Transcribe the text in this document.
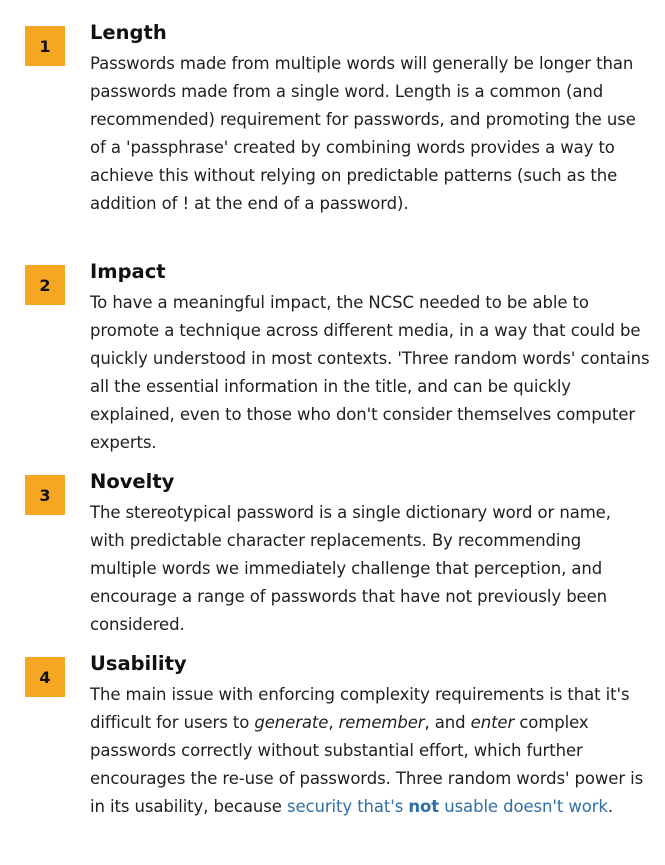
1
Length

Passwords made from multiple words will generally be longer than passwords made from a single word. Length is a common (and recommended) requirement for passwords, and promoting the use of a 'passphrase' created by combining words provides a way to achieve this without relying on predictable patterns (such as the addition of ! at the end of a password).

2
Impact

To have a meaningful impact, the NCSC needed to be able to promote a technique across different media, in a way that could be quickly understood in most contexts. 'Three random words' contains all the essential information in the title, and can be quickly explained, even to those who don't consider themselves computer experts.

3
Novelty

The stereotypical password is a single dictionary word or name, with predictable character replacements. By recommending multiple words we immediately challenge that perception, and encourage a range of passwords that have not previously been considered.

4
Usability

The main issue with enforcing complexity requirements is that it's difficult for users to generate, remember, and enter complex passwords correctly without substantial effort, which further encourages the re-use of passwords. Three random words' power is in its usability, because security that's not usable doesn't work.
